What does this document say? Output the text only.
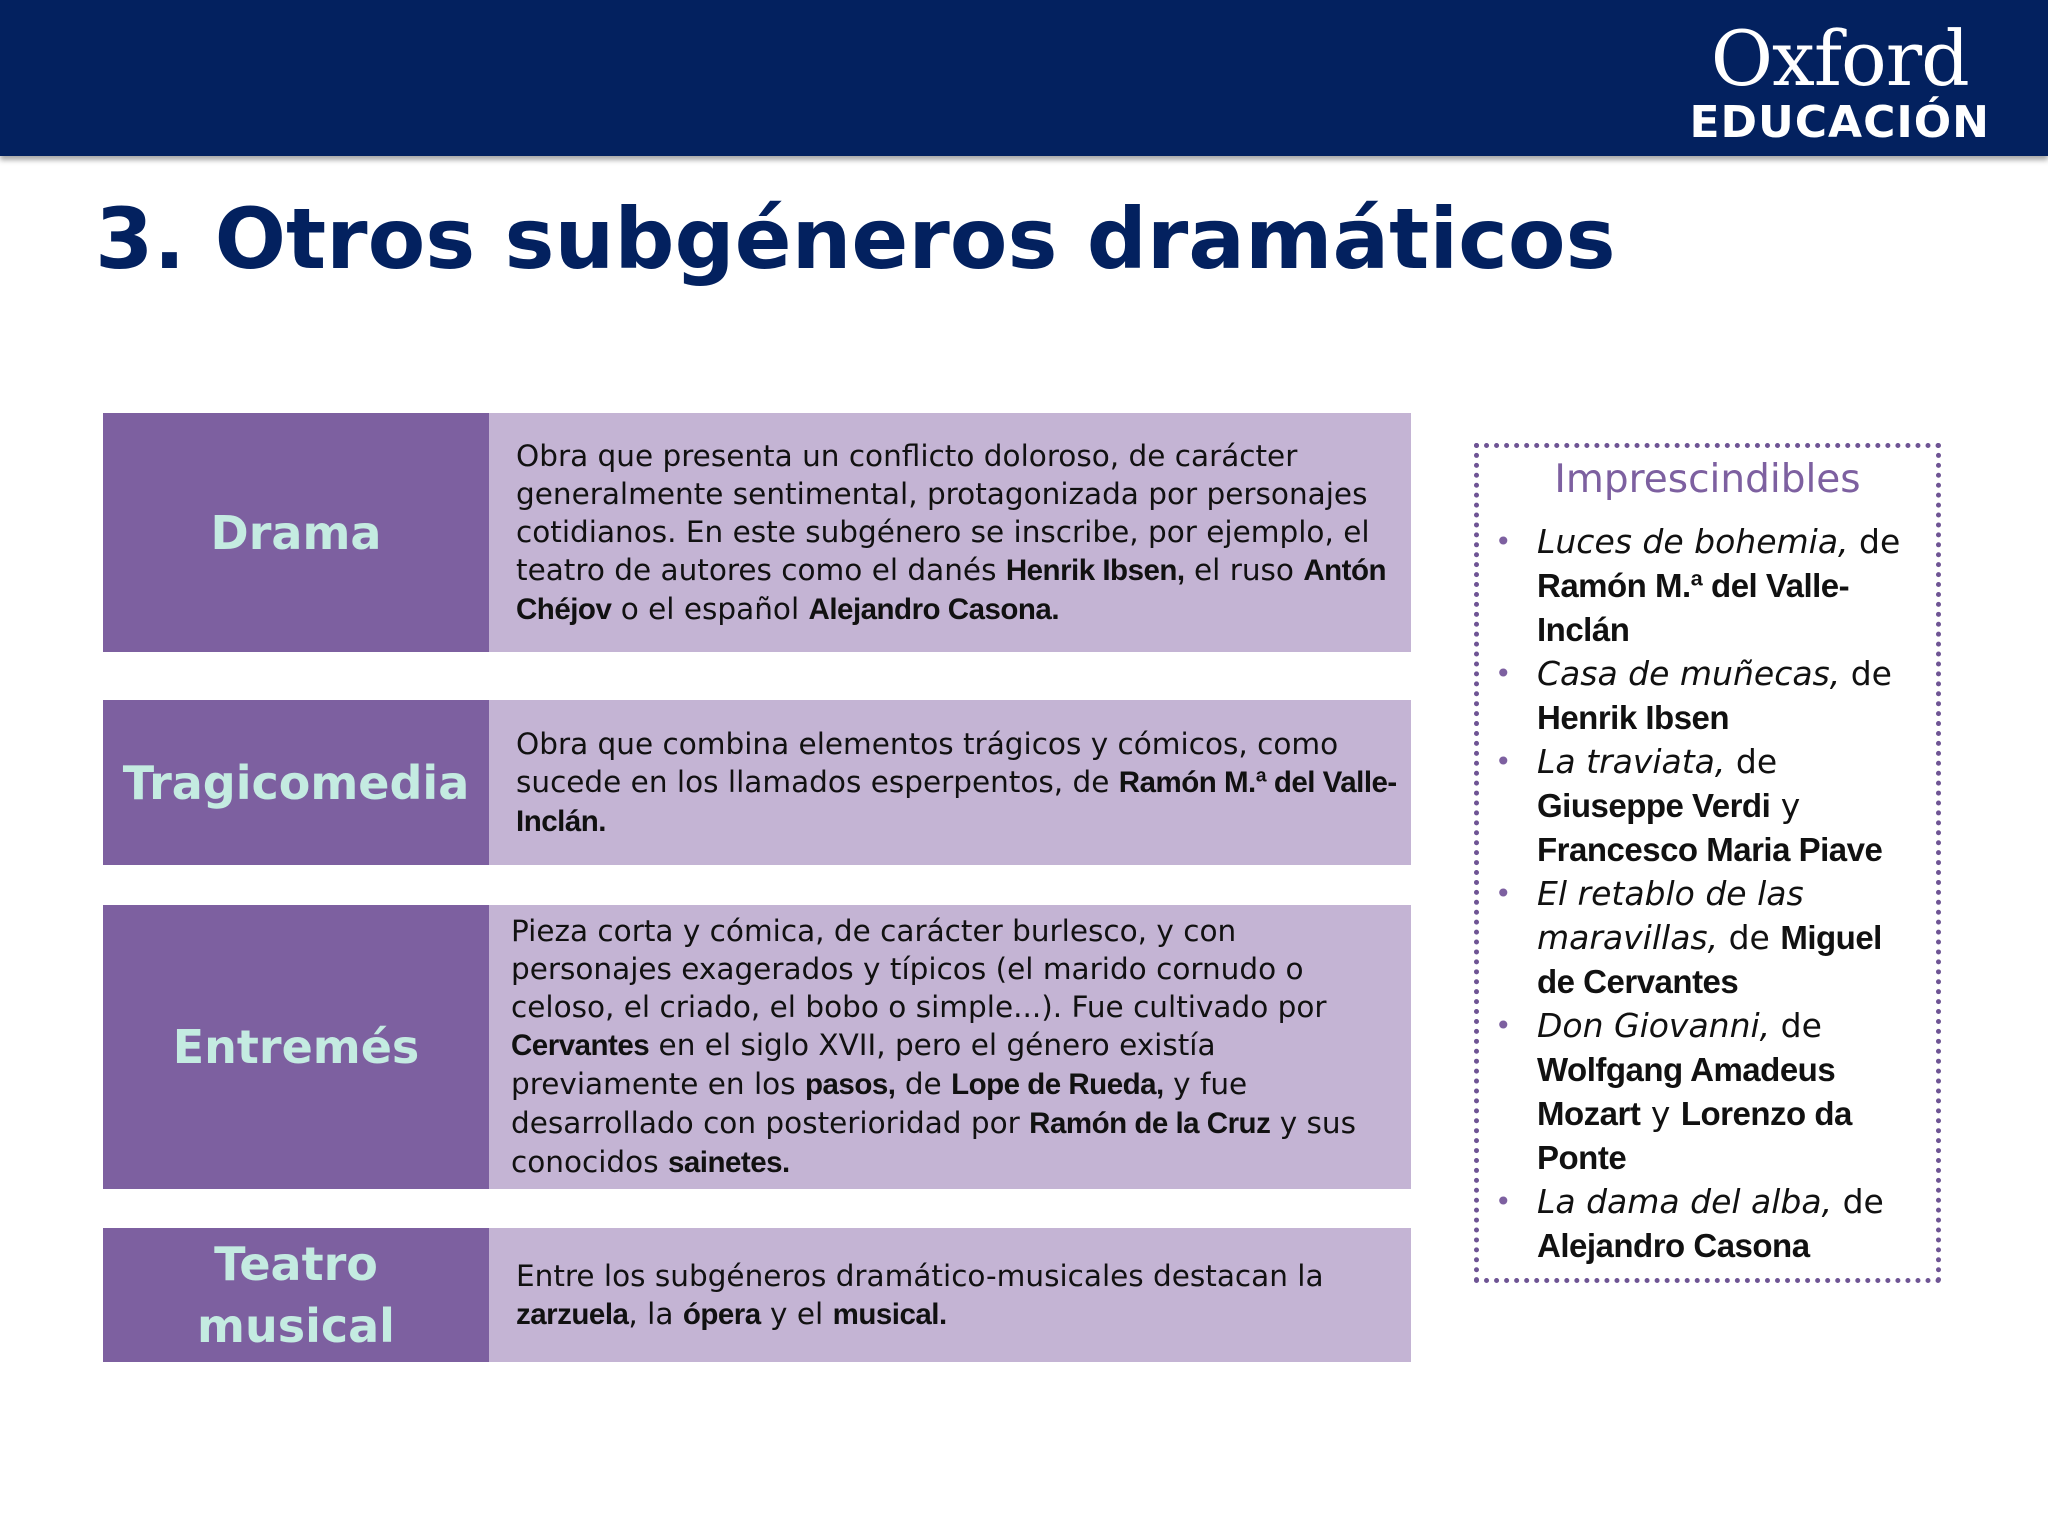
Oxford
EDUCACIÓN
3. Otros subgéneros dramáticos
Drama
Obra que presenta un conflicto doloroso, de carácter generalmente sentimental, protagonizada por personajes cotidianos. En este subgénero se inscribe, por ejemplo, el teatro de autores como el danés Henrik Ibsen, el ruso Antón Chéjov o el español Alejandro Casona.
Tragicomedia
Obra que combina elementos trágicos y cómicos, como sucede en los llamados esperpentos, de Ramón M.ª del Valle-Inclán.
Entremés
Pieza corta y cómica, de carácter burlesco, y con personajes exagerados y típicos (el marido cornudo o celoso, el criado, el bobo o simple...). Fue cultivado por Cervantes en el siglo XVII, pero el género existía previamente en los pasos, de Lope de Rueda, y fue desarrollado con posterioridad por Ramón de la Cruz y sus conocidos sainetes.
Teatro
musical
Entre los subgéneros dramático-musicales destacan la zarzuela, la ópera y el musical.
Imprescindibles
• Luces de bohemia, de Ramón M.ª del Valle-Inclán
• Casa de muñecas, de Henrik Ibsen
• La traviata, de Giuseppe Verdi y Francesco Maria Piave
• El retablo de las maravillas, de Miguel de Cervantes
• Don Giovanni, de Wolfgang Amadeus Mozart y Lorenzo da Ponte
• La dama del alba, de Alejandro Casona
